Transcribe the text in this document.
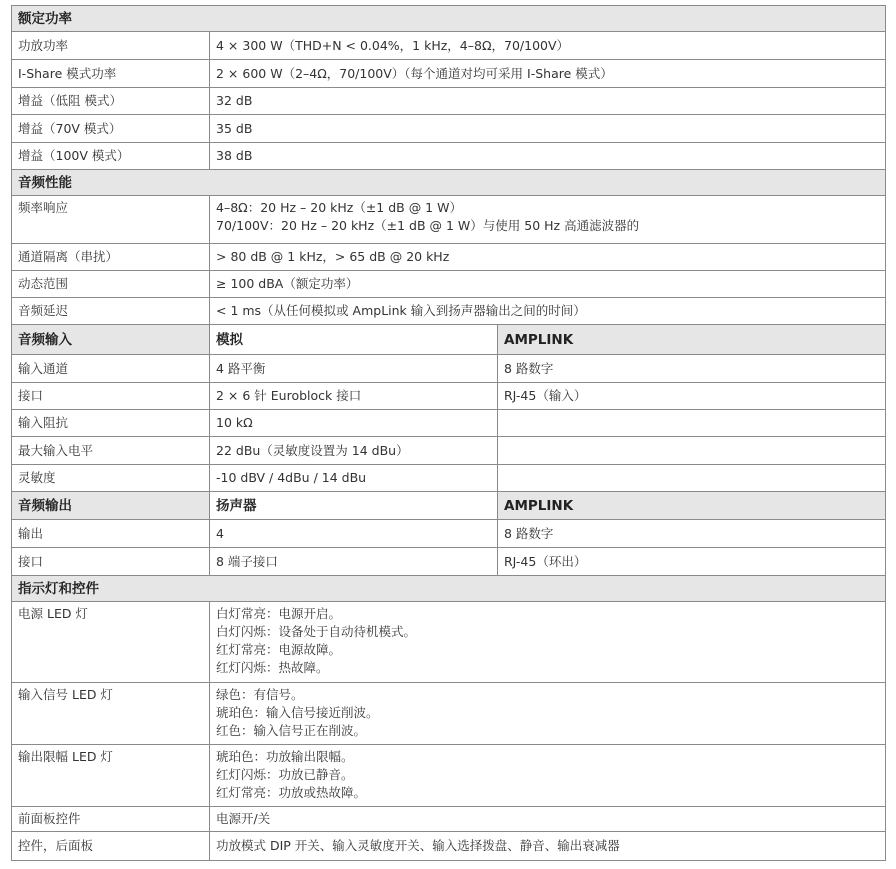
额定功率		
功放功率	4 × 300 W（THD+N < 0.04%，1 kHz，4–8Ω，70/100V）	
I-Share 模式功率	2 × 600 W（2–4Ω，70/100V）（每个通道对均可采用 I-Share 模式）	
增益（低阻 模式）	32 dB	
增益（70V 模式）	35 dB	
增益（100V 模式）	38 dB	
音频性能		
频率响应	4–8Ω：20 Hz – 20 kHz（±1 dB @ 1 W）
70/100V：20 Hz – 20 kHz（±1 dB @ 1 W）与使用 50 Hz 高通滤波器的	

通道隔离（串扰）	> 80 dB @ 1 kHz，> 65 dB @ 20 kHz	
动态范围	≥ 100 dBA（额定功率）	
音频延迟	< 1 ms（从任何模拟或 AmpLink 输入到扬声器输出之间的时间）	
音频输入	模拟	AMPLINK
输入通道	4 路平衡	8 路数字
接口	2 × 6 针 Euroblock 接口	RJ-45（输入）
输入阻抗	10 kΩ	
最大输入电平	22 dBu（灵敏度设置为 14 dBu）	
灵敏度	-10 dBV / 4dBu / 14 dBu	
音频输出	扬声器	AMPLINK
输出	4	8 路数字
接口	8 端子接口	RJ-45（环出）
指示灯和控件		
电源 LED 灯	白灯常亮：电源开启。
白灯闪烁：设备处于自动待机模式。
红灯常亮：电源故障。
红灯闪烁：热故障。	

输入信号 LED 灯	绿色：有信号。
琥珀色：输入信号接近削波。
红色：输入信号正在削波。	

输出限幅 LED 灯	琥珀色：功放输出限幅。
红灯闪烁：功放已静音。
红灯常亮：功放或热故障。	

前面板控件	电源开/关	
控件，后面板	功放模式 DIP 开关、输入灵敏度开关、输入选择拨盘、静音、输出衰减器	
